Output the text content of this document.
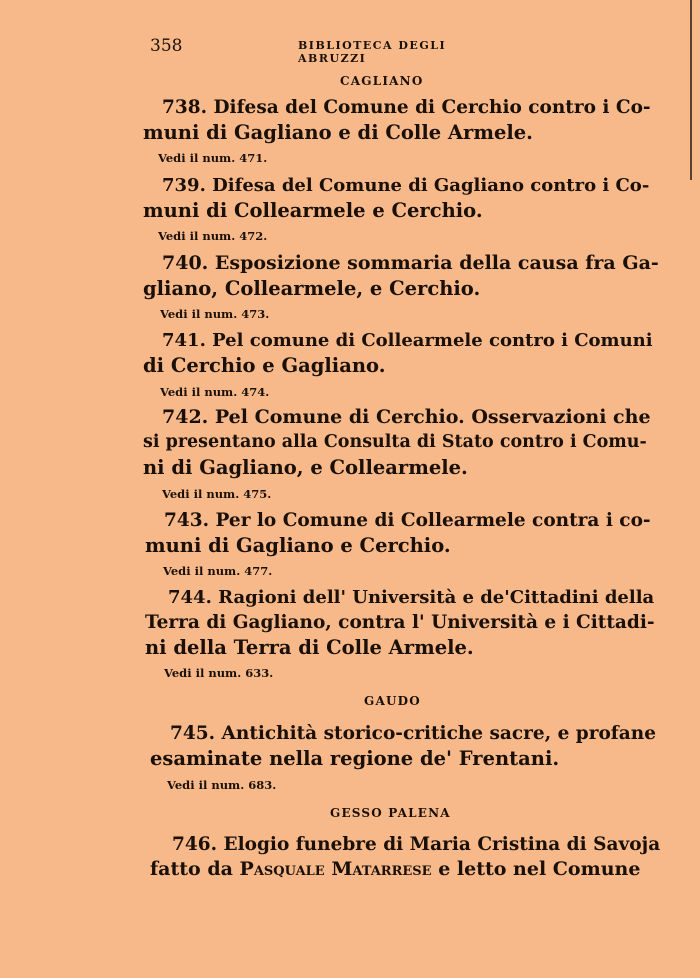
358	BIBLIOTECA DEGLI ABRUZZI
CAGLIANO
738. Difesa del Comune di Cerchio contro i Co-
muni di Gagliano e di Colle Armele.
Vedi il num. 471.
739. Difesa del Comune di Gagliano contro i Co-
muni di Collearmele e Cerchio.
Vedi il num. 472.
740. Esposizione sommaria della causa fra Ga-
gliano, Collearmele, e Cerchio.
Vedi il num. 473.
741. Pel comune di Collearmele contro i Comuni
di Cerchio e Gagliano.
Vedi il num. 474.
742. Pel Comune di Cerchio. Osservazioni che
si presentano alla Consulta di Stato contro i Comu-
ni di Gagliano, e Collearmele.
Vedi il num. 475.
743. Per lo Comune di Collearmele contra i co-
muni di Gagliano e Cerchio.
Vedi il num. 477.
744. Ragioni dell' Università e de'Cittadini della
Terra di Gagliano, contra l' Università e i Cittadi-
ni della Terra di Colle Armele.
Vedi il num. 633.
GAUDO
745. Antichità storico-critiche sacre, e profane
esaminate nella regione de' Frentani.
Vedi il num. 683.
GESSO PALENA
746. Elogio funebre di Maria Cristina di Savoja
fatto da Pasquale Matarrese e letto nel Comune
